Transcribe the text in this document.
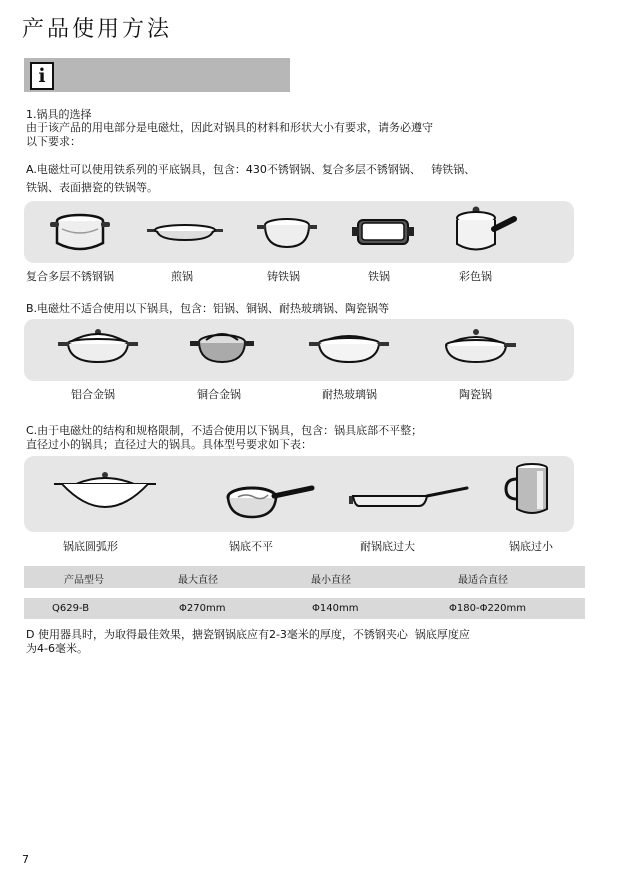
产品使用方法
i
1.锅具的选择
由于该产品的用电部分是电磁灶，因此对锅具的材料和形状大小有要求，请务必遵守
以下要求：
A.电磁灶可以使用铁系列的平底锅具，包含：430不锈钢锅、复合多层不锈钢锅、   铸铁锅、
铁锅、表面搪瓷的铁锅等。
复合多层不锈钢锅	煎锅	铸铁锅	铁锅	彩色锅
B.电磁灶不适合使用以下锅具，包含：铝锅、铜锅、耐热玻璃锅、陶瓷锅等
铝合金锅	铜合金锅	耐热玻璃锅	陶瓷锅
C.由于电磁灶的结构和规格限制，不适合使用以下锅具，包含：锅具底部不平整；
直径过小的锅具；直径过大的锅具。具体型号要求如下表：
锅底圆弧形	锅底不平	耐锅底过大	锅底过小
产品型号	最大直径	最小直径	最适合直径
Q629-B	Φ270mm	Φ140mm	Φ180-Φ220mm
D 使用器具时，为取得最佳效果，搪瓷钢锅底应有2-3毫米的厚度，不锈钢夹心  锅底厚度应
为4-6毫米。
7
